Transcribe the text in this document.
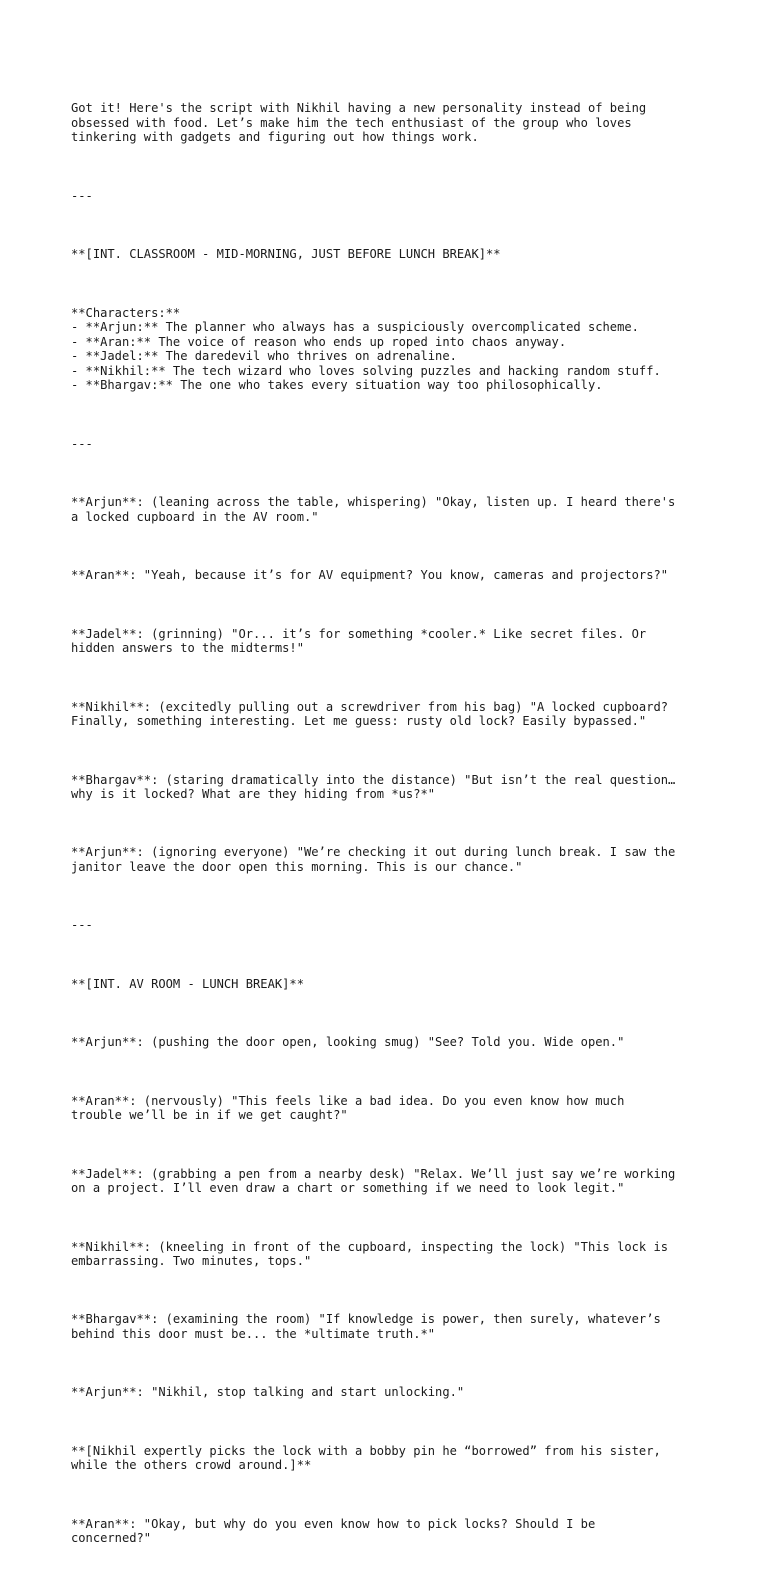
Got it! Here's the script with Nikhil having a new personality instead of being
obsessed with food. Let’s make him the tech enthusiast of the group who loves
tinkering with gadgets and figuring out how things work.

---

**[INT. CLASSROOM - MID-MORNING, JUST BEFORE LUNCH BREAK]**

**Characters:**
- **Arjun:** The planner who always has a suspiciously overcomplicated scheme.
- **Aran:** The voice of reason who ends up roped into chaos anyway.
- **Jadel:** The daredevil who thrives on adrenaline.
- **Nikhil:** The tech wizard who loves solving puzzles and hacking random stuff.
- **Bhargav:** The one who takes every situation way too philosophically.

---

**Arjun**: (leaning across the table, whispering) "Okay, listen up. I heard there's
a locked cupboard in the AV room."

**Aran**: "Yeah, because it’s for AV equipment? You know, cameras and projectors?"

**Jadel**: (grinning) "Or... it’s for something *cooler.* Like secret files. Or
hidden answers to the midterms!"

**Nikhil**: (excitedly pulling out a screwdriver from his bag) "A locked cupboard?
Finally, something interesting. Let me guess: rusty old lock? Easily bypassed."

**Bhargav**: (staring dramatically into the distance) "But isn’t the real question…
why is it locked? What are they hiding from *us?*"

**Arjun**: (ignoring everyone) "We’re checking it out during lunch break. I saw the
janitor leave the door open this morning. This is our chance."

---

**[INT. AV ROOM - LUNCH BREAK]**

**Arjun**: (pushing the door open, looking smug) "See? Told you. Wide open."

**Aran**: (nervously) "This feels like a bad idea. Do you even know how much
trouble we’ll be in if we get caught?"

**Jadel**: (grabbing a pen from a nearby desk) "Relax. We’ll just say we’re working
on a project. I’ll even draw a chart or something if we need to look legit."

**Nikhil**: (kneeling in front of the cupboard, inspecting the lock) "This lock is
embarrassing. Two minutes, tops."

**Bhargav**: (examining the room) "If knowledge is power, then surely, whatever’s
behind this door must be... the *ultimate truth.*"

**Arjun**: "Nikhil, stop talking and start unlocking."

**[Nikhil expertly picks the lock with a bobby pin he “borrowed” from his sister,
while the others crowd around.]**

**Aran**: "Okay, but why do you even know how to pick locks? Should I be
concerned?"
